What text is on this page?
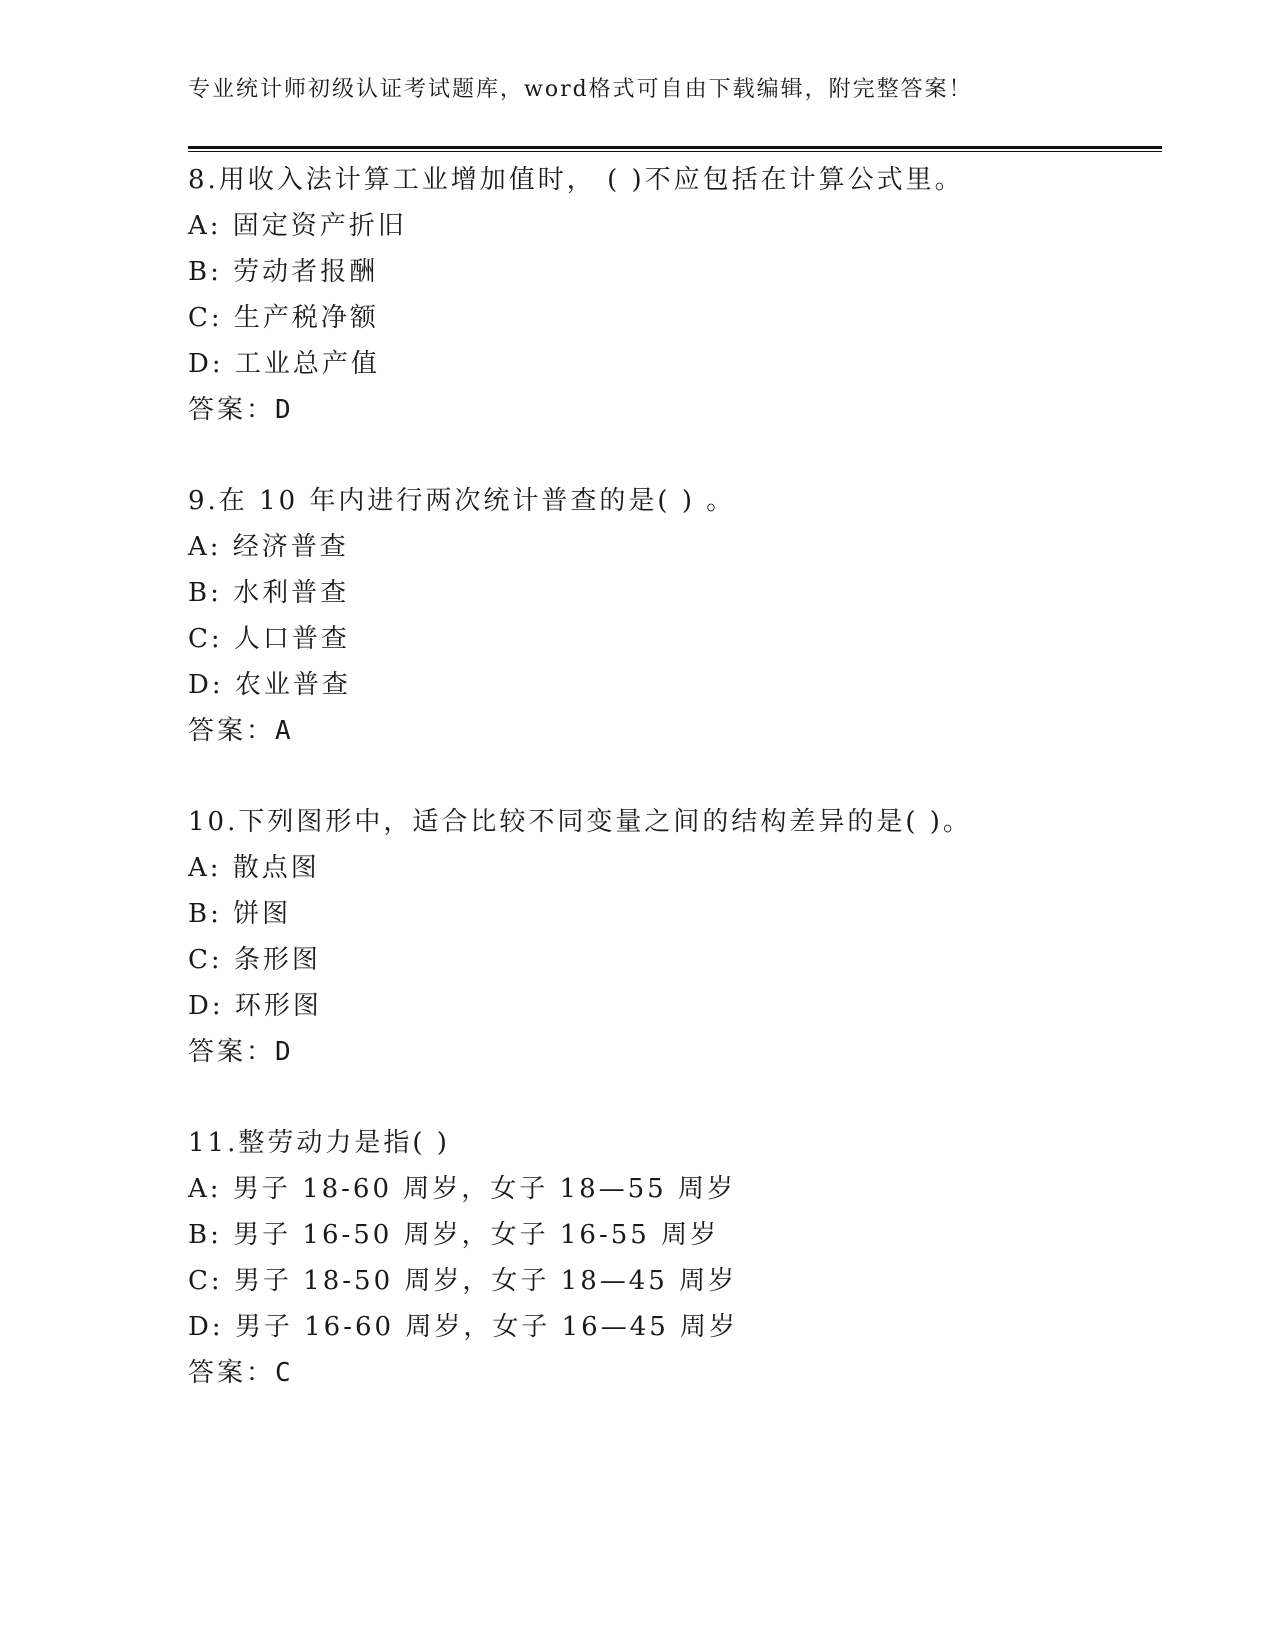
专业统计师初级认证考试题库，word格式可自由下载编辑，附完整答案！
8.用收入法计算工业增加值时， ( )不应包括在计算公式里。
A: 固定资产折旧
B: 劳动者报酬
C: 生产税净额
D: 工业总产值
答案：D
9.在 10 年内进行两次统计普查的是( ) 。
A: 经济普查
B: 水利普查
C: 人口普查
D: 农业普查
答案：A
10.下列图形中，适合比较不同变量之间的结构差异的是( )。
A: 散点图
B: 饼图
C: 条形图
D: 环形图
答案：D
11.整劳动力是指( )
A: 男子 18-60 周岁，女子 18—55 周岁
B: 男子 16-50 周岁，女子 16-55 周岁
C: 男子 18-50 周岁，女子 18—45 周岁
D: 男子 16-60 周岁，女子 16—45 周岁
答案：C
